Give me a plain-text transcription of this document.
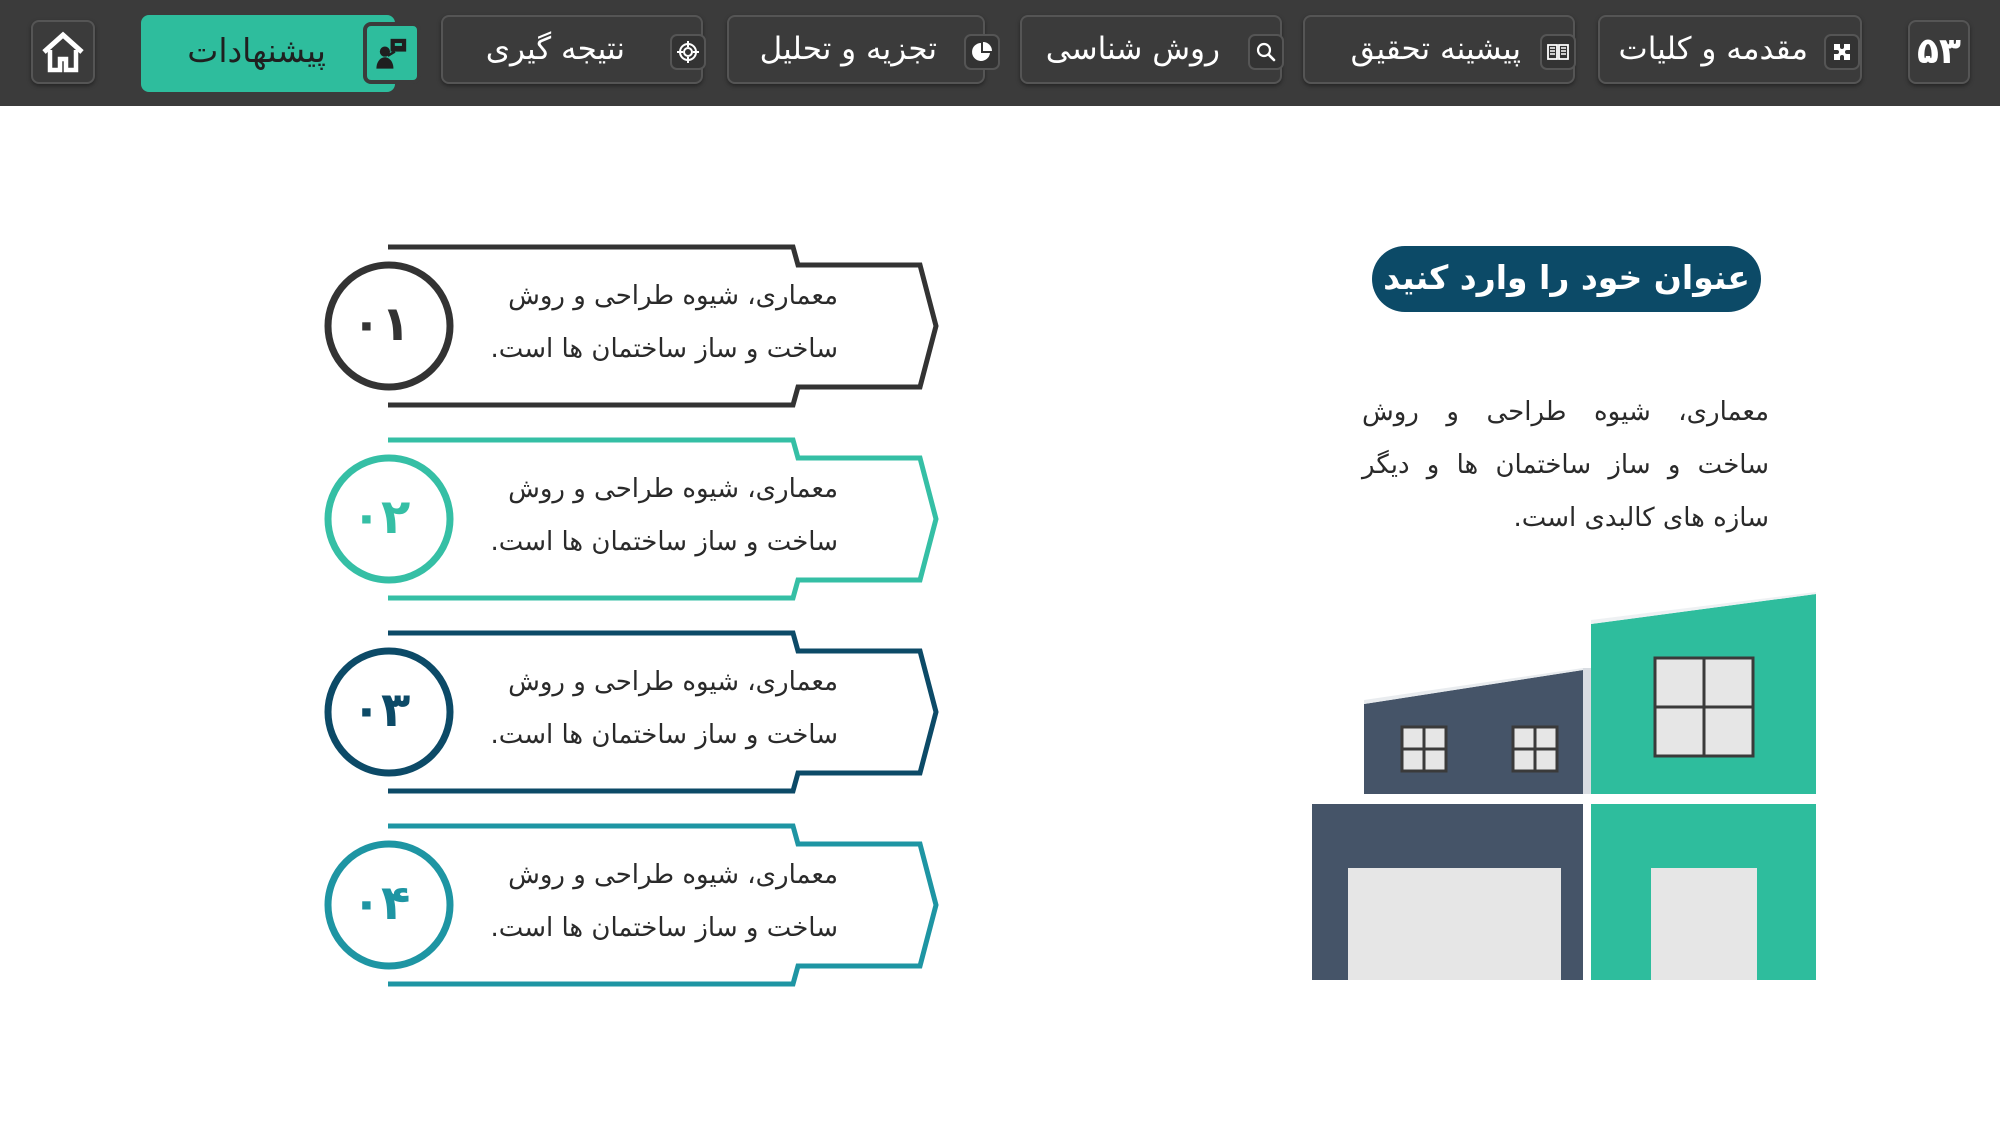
۵۳
مقدمه و کلیات
پیشینه تحقیق
روش شناسی
تجزیه و تحلیل
نتیجه گیری
پیشنهادات
۰۱	معماری، شیوه طراحی و روش
ساخت و ساز ساختمان ها است.
۰۲	معماری، شیوه طراحی و روش
ساخت و ساز ساختمان ها است.
۰۳	معماری، شیوه طراحی و روش
ساخت و ساز ساختمان ها است.
۰۴	معماری، شیوه طراحی و روش
ساخت و ساز ساختمان ها است.
عنوان خود را وارد کنید
معماری، شیوه طراحی و روش ساخت و ساز ساختمان ها و دیگر سازه های کالبدی است.
